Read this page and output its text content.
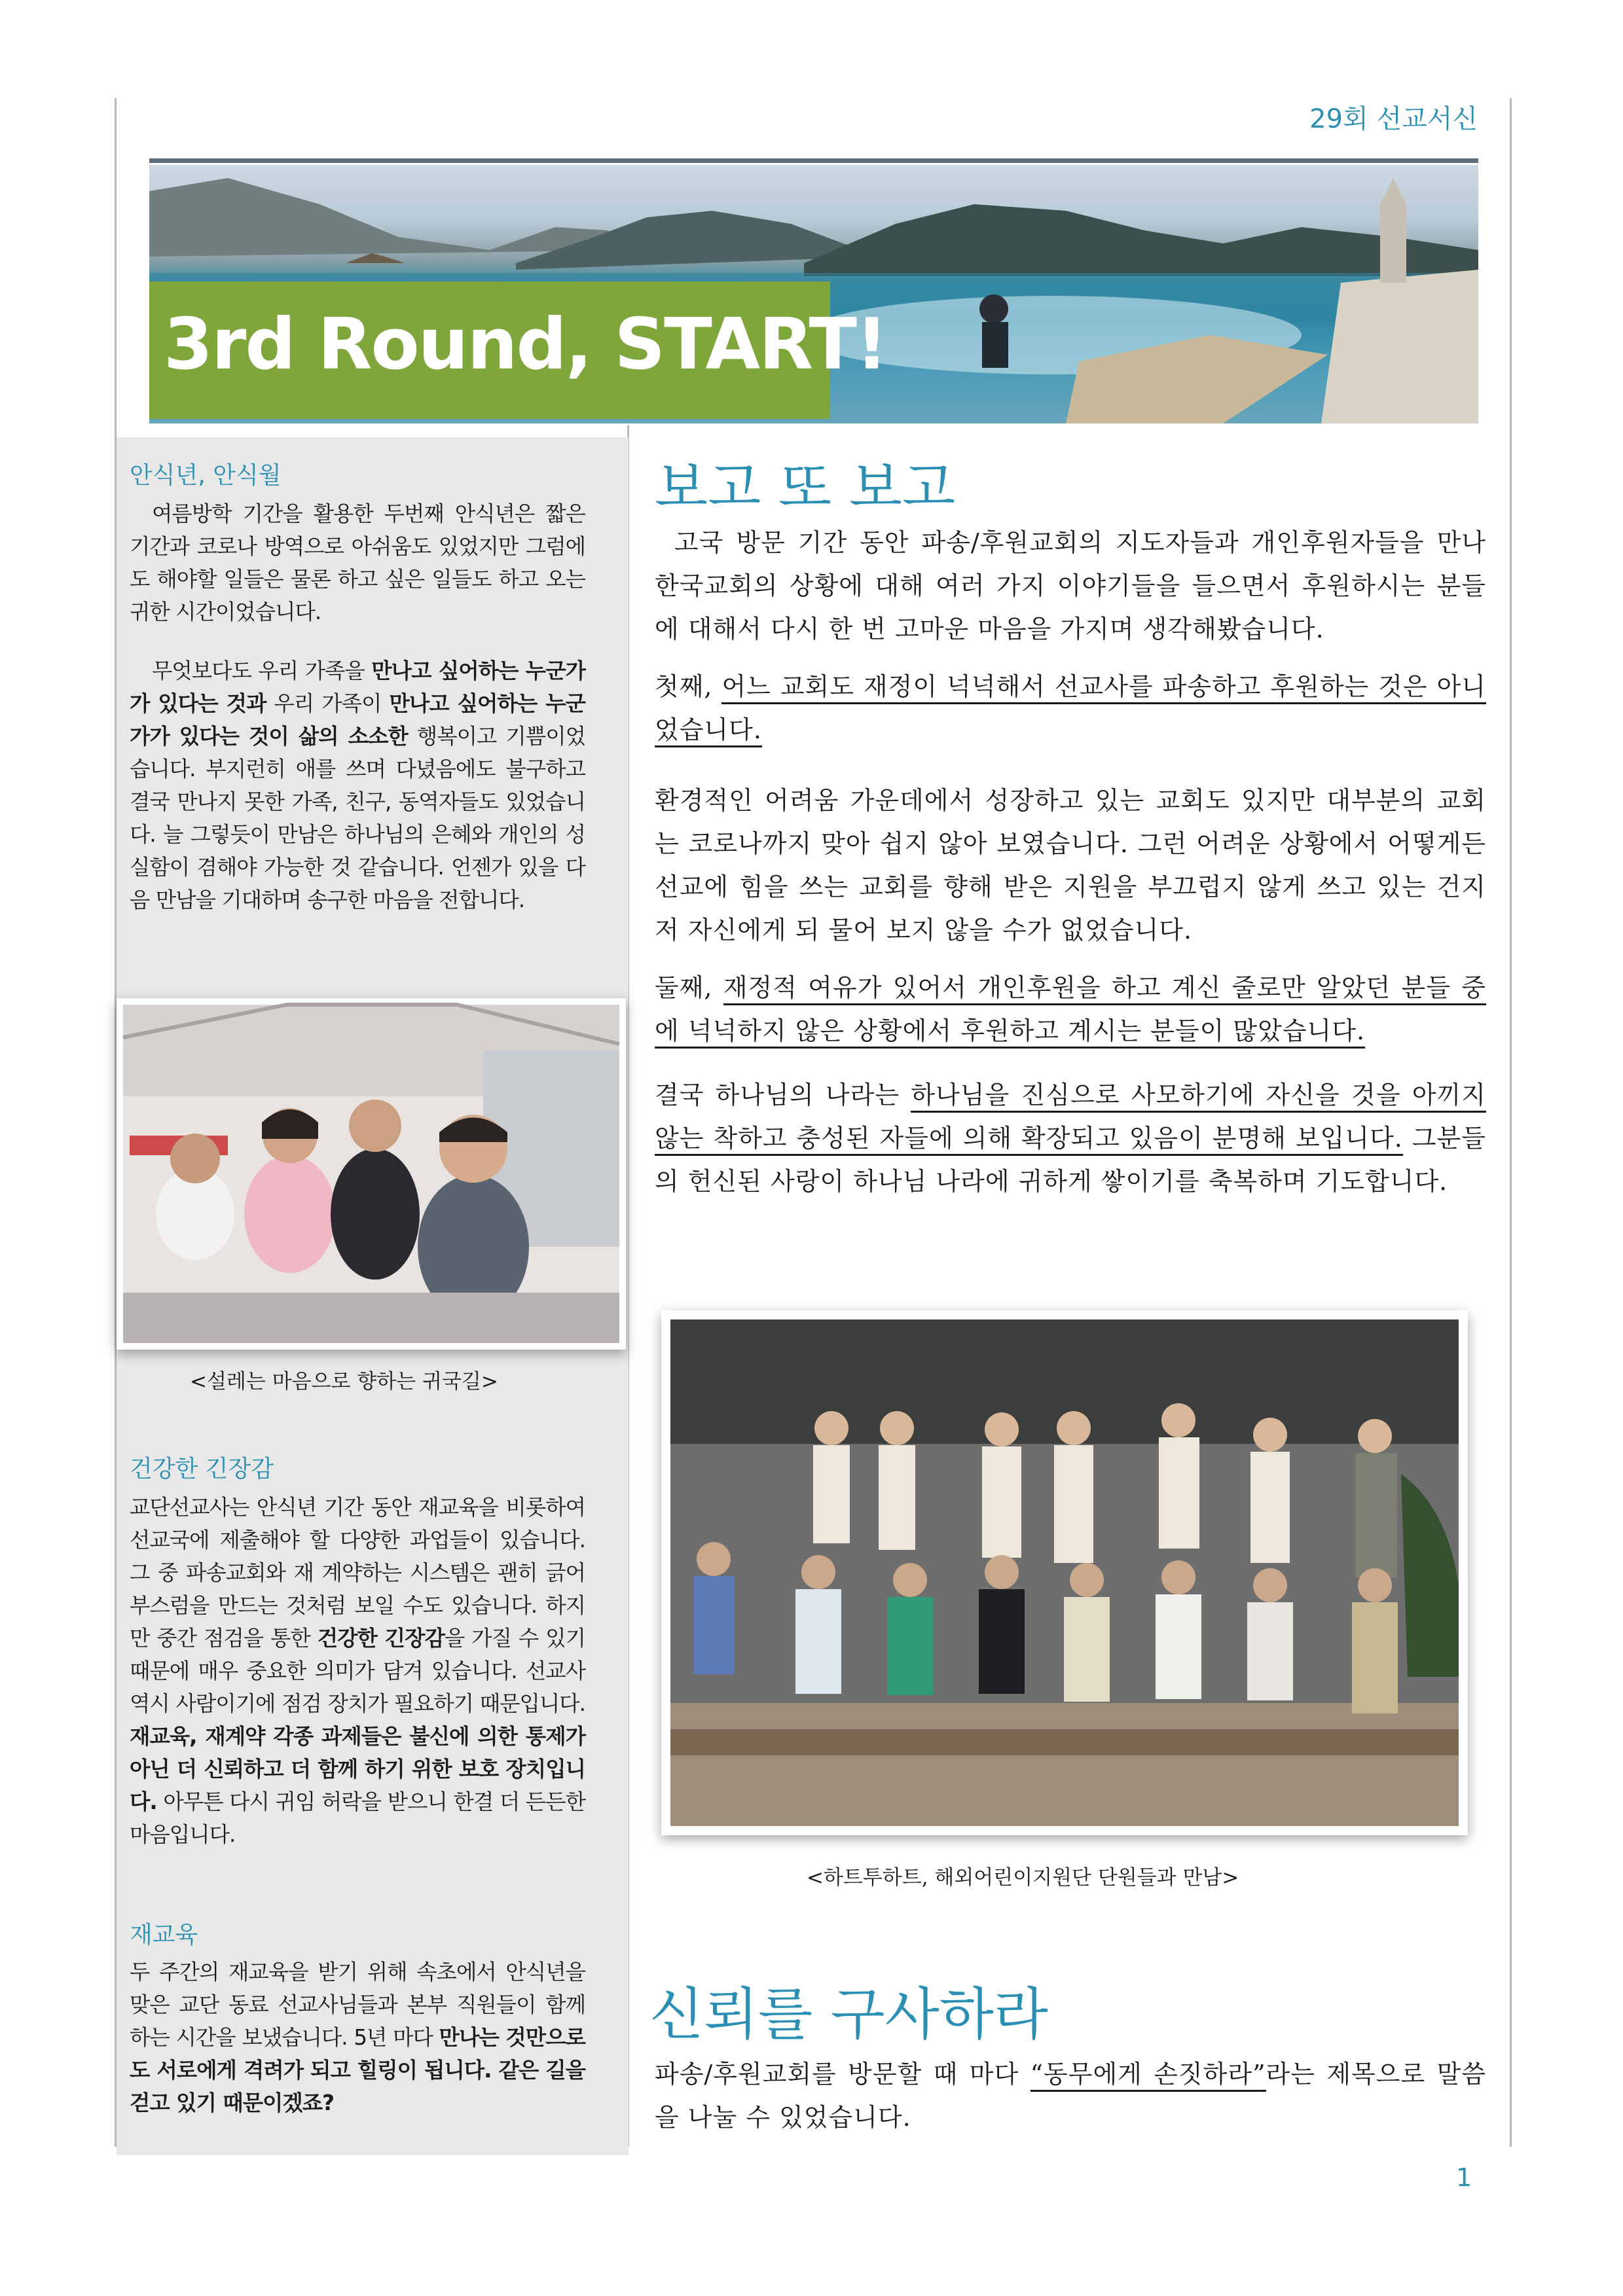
29회 선교서신
3rd Round, START!
안식년, 안식월
여름방학 기간을 활용한 두번째 안식년은 짧은 기간과 코로나 방역으로 아쉬움도 있었지만 그럼에도 해야할 일들은 물론 하고 싶은 일들도 하고 오는 귀한 시간이었습니다.
무엇보다도 우리 가족을 만나고 싶어하는 누군가가 있다는 것과 우리 가족이 만나고 싶어하는 누군가가 있다는 것이 삶의 소소한 행복이고 기쁨이었습니다. 부지런히 애를 쓰며 다녔음에도 불구하고 결국 만나지 못한 가족, 친구, 동역자들도 있었습니다. 늘 그렇듯이 만남은 하나님의 은혜와 개인의 성실함이 겸해야 가능한 것 같습니다. 언젠가 있을 다음 만남을 기대하며 송구한 마음을 전합니다.
<설레는 마음으로 향하는 귀국길>
건강한 긴장감
교단선교사는 안식년 기간 동안 재교육을 비롯하여 선교국에 제출해야 할 다양한 과업들이 있습니다. 그 중 파송교회와 재 계약하는 시스템은 괜히 긁어 부스럼을 만드는 것처럼 보일 수도 있습니다. 하지만 중간 점검을 통한 건강한 긴장감을 가질 수 있기 때문에 매우 중요한 의미가 담겨 있습니다. 선교사 역시 사람이기에 점검 장치가 필요하기 때문입니다. 재교육, 재계약 각종 과제들은 불신에 의한 통제가 아닌 더 신뢰하고 더 함께 하기 위한 보호 장치입니다. 아무튼 다시 귀임 허락을 받으니 한결 더 든든한 마음입니다.
재교육
두 주간의 재교육을 받기 위해 속초에서 안식년을 맞은 교단 동료 선교사님들과 본부 직원들이 함께 하는 시간을 보냈습니다. 5년 마다 만나는 것만으로도 서로에게 격려가 되고 힐링이 됩니다. 같은 길을 걷고 있기 때문이겠죠?
보고 또 보고
고국 방문 기간 동안 파송/후원교회의 지도자들과 개인후원자들을 만나 한국교회의 상황에 대해 여러 가지 이야기들을 들으면서 후원하시는 분들에 대해서 다시 한 번 고마운 마음을 가지며 생각해봤습니다.
첫째, 어느 교회도 재정이 넉넉해서 선교사를 파송하고 후원하는 것은 아니었습니다.
환경적인 어려움 가운데에서 성장하고 있는 교회도 있지만 대부분의 교회는 코로나까지 맞아 쉽지 않아 보였습니다. 그런 어려운 상황에서 어떻게든 선교에 힘을 쓰는 교회를 향해 받은 지원을 부끄럽지 않게 쓰고 있는 건지 저 자신에게 되 물어 보지 않을 수가 없었습니다.
둘째, 재정적 여유가 있어서 개인후원을 하고 계신 줄로만 알았던 분들 중에 넉넉하지 않은 상황에서 후원하고 계시는 분들이 많았습니다.
결국 하나님의 나라는 하나님을 진심으로 사모하기에 자신을 것을 아끼지 않는 착하고 충성된 자들에 의해 확장되고 있음이 분명해 보입니다. 그분들의 헌신된 사랑이 하나님 나라에 귀하게 쌓이기를 축복하며 기도합니다.
<하트투하트, 해외어린이지원단 단원들과 만남>
신뢰를 구사하라
파송/후원교회를 방문할 때 마다 “동무에게 손짓하라”라는 제목으로 말씀을 나눌 수 있었습니다.
1
